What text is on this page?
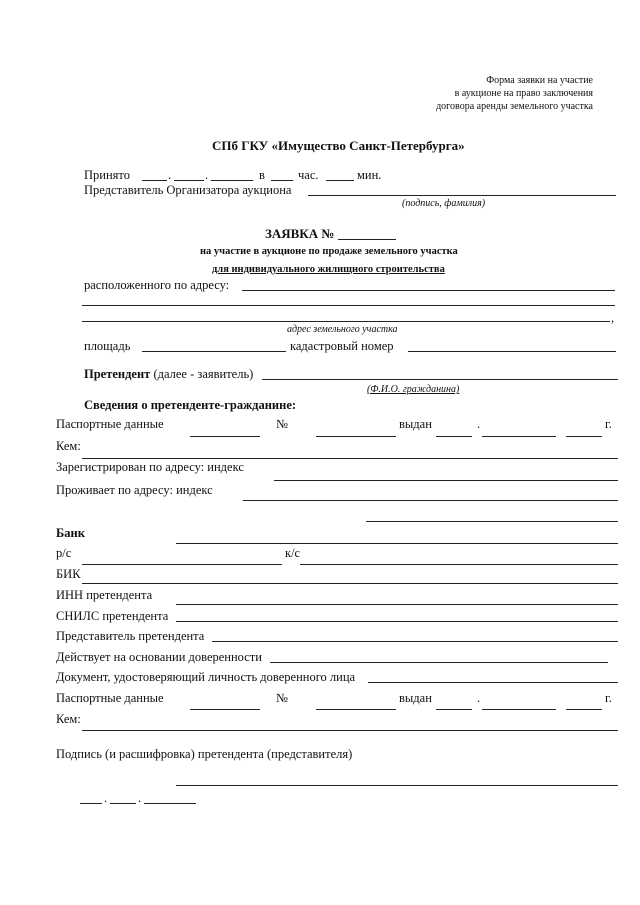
Форма заявки на участие
в аукционе на право заключения
договора аренды земельного участка
СПб ГКУ «Имущество Санкт-Петербурга»
Принято	.	.	в	час.	мин.
Представитель Организатора аукциона
(подпись, фамилия)
ЗАЯВКА №
на участие в аукционе по продаже земельного участка
для индивидуального жилищного строительства
расположенного по адресу:
,
адрес земельного участка
площадь	кадастровый номер
Претендент (далее - заявитель)
(Ф.И.О. гражданина)
Сведения о претенденте-гражданине:
Паспортные данные	№	выдан	.	г.
Кем:
Зарегистрирован по адресу: индекс
Проживает по адресу: индекс
Банк
р/с	к/с
БИК
ИНН претендента
СНИЛС претендента
Представитель претендента
Действует на основании доверенности
Документ, удостоверяющий личность доверенного лица
Паспортные данные	№	выдан	.	г.
Кем:
Подпись (и расшифровка) претендента (представителя)
. .
